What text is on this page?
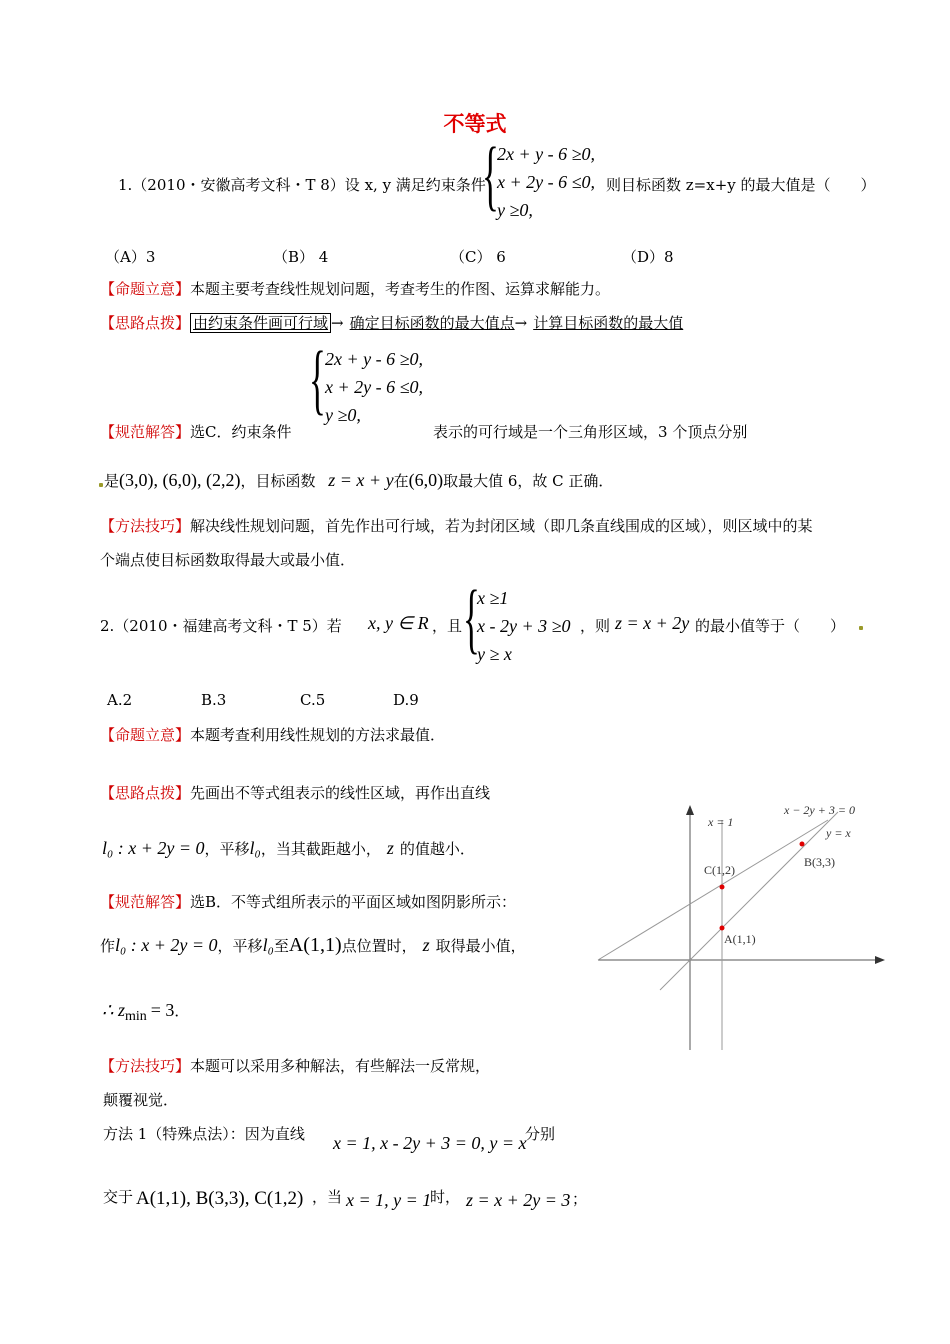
不等式
1.（2010・安徽高考文科・T 8）设 x, y 满足约束条件
{
2x + y - 6 ≥0,
x + 2y - 6 ≤0,
y ≥0,
则目标函数 z=x+y 的最大值是（　　）
（A）3	（B） 4	（C） 6	（D）8
【命题立意】本题主要考查线性规划问题，考查考生的作图、运算求解能力。
【思路点拨】 由约束条件画可行域 → 确定目标函数的最大值点→ 计算目标函数的最大值
{ 2x + y - 6 ≥0,
x + 2y - 6 ≤0,
y ≥0,
【规范解答】选C．约束条件	表示的可行域是一个三角形区域，3 个顶点分别
是(3,0), (6,0), (2,2)，目标函数 z = x + y在(6,0)取最大值 6，故 C 正确．
【方法技巧】解决线性规划问题，首先作出可行域，若为封闭区域（即几条直线围成的区域），则区域中的某
个端点使目标函数取得最大或最小值．
2.（2010・福建高考文科・T 5）若 x, y ∈ R ，且 {
x ≥1
x - 2y + 3 ≥0
y ≥ x
，则 z = x + 2y 的最小值等于（　　）
A.2	B.3	C.5	D.9
【命题立意】本题考查利用线性规划的方法求最值．
【思路点拨】先画出不等式组表示的线性区域，再作出直线
l₀ : x + 2y = 0，平移l₀，当其截距越小， z 的值越小．
【规范解答】选B．不等式组所表示的平面区域如图阴影所示：
作l₀ : x + 2y = 0，平移l₀至A(1,1)点位置时， z 取得最小值，
∴ $z_{min} = 3$．
【方法技巧】本题可以采用多种解法，有些解法一反常规，
颠覆视觉．
方法 1（特殊点法）：因为直线 x = 1, x - 2y + 3 = 0, y = x
分别
交于 A(1,1), B(3,3), C(1,2) ，当 x = 1, y = 1
时， z = x + 2y = 3 ；
x = 1
x − 2y + 3 = 0
y = x
C(1,2)
B(3,3)
A(1,1)
